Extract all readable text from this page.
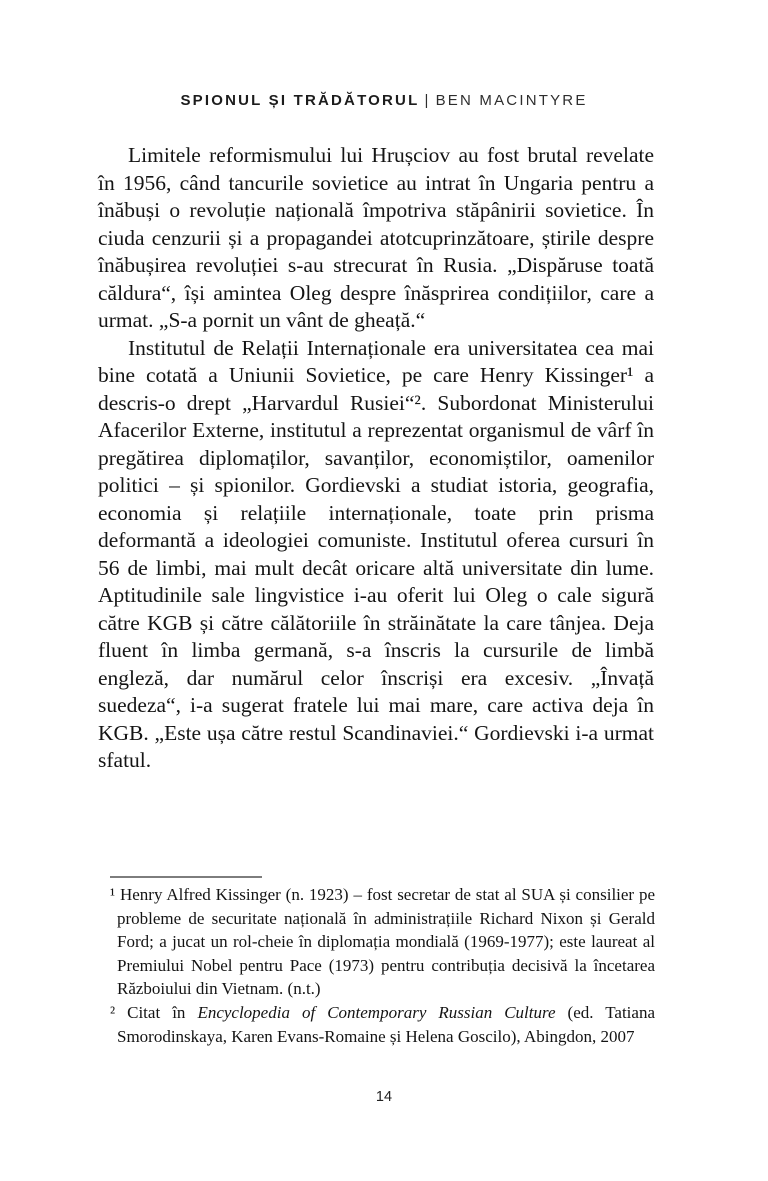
SPIONUL ȘI TRĂDĂTORUL | BEN MACINTYRE

Limitele reformismului lui Hrușciov au fost brutal revelate în 1956, când tancurile sovietice au intrat în Ungaria pentru a înăbuși o revoluție națională împotriva stăpânirii sovietice. În ciuda cenzurii și a propagandei atotcuprinzătoare, știrile despre înăbușirea revoluției s-au strecurat în Rusia. „Dispăruse toată căldura“, își amintea Oleg despre înăsprirea condițiilor, care a urmat. „S-a pornit un vânt de gheață.“

Institutul de Relații Internaționale era universitatea cea mai bine cotată a Uniunii Sovietice, pe care Henry Kissinger¹ a descris-o drept „Harvardul Rusiei“². Subordonat Ministerului Afacerilor Externe, institutul a reprezentat organismul de vârf în pregătirea diplomaților, savanților, economiștilor, oamenilor politici – și spionilor. Gordievski a studiat istoria, geografia, economia și relațiile internaționale, toate prin prisma deformantă a ideologiei comuniste. Institutul oferea cursuri în 56 de limbi, mai mult decât oricare altă universitate din lume. Aptitudinile sale lingvistice i-au oferit lui Oleg o cale sigură către KGB și către călătoriile în străinătate la care tânjea. Deja fluent în limba germană, s-a înscris la cursurile de limbă engleză, dar numărul celor înscriși era excesiv. „Învață suedeza“, i-a sugerat fratele lui mai mare, care activa deja în KGB. „Este ușa către restul Scandinaviei.“ Gordievski i-a urmat sfatul.

¹ Henry Alfred Kissinger (n. 1923) – fost secretar de stat al SUA și consilier pe probleme de securitate națională în administrațiile Richard Nixon și Gerald Ford; a jucat un rol-cheie în diplomația mondială (1969-1977); este laureat al Premiului Nobel pentru Pace (1973) pentru contribuția decisivă la încetarea Războiului din Vietnam. (n.t.)

² Citat în Encyclopedia of Contemporary Russian Culture (ed. Tatiana Smorodinskaya, Karen Evans-Romaine și Helena Goscilo), Abingdon, 2007

14
